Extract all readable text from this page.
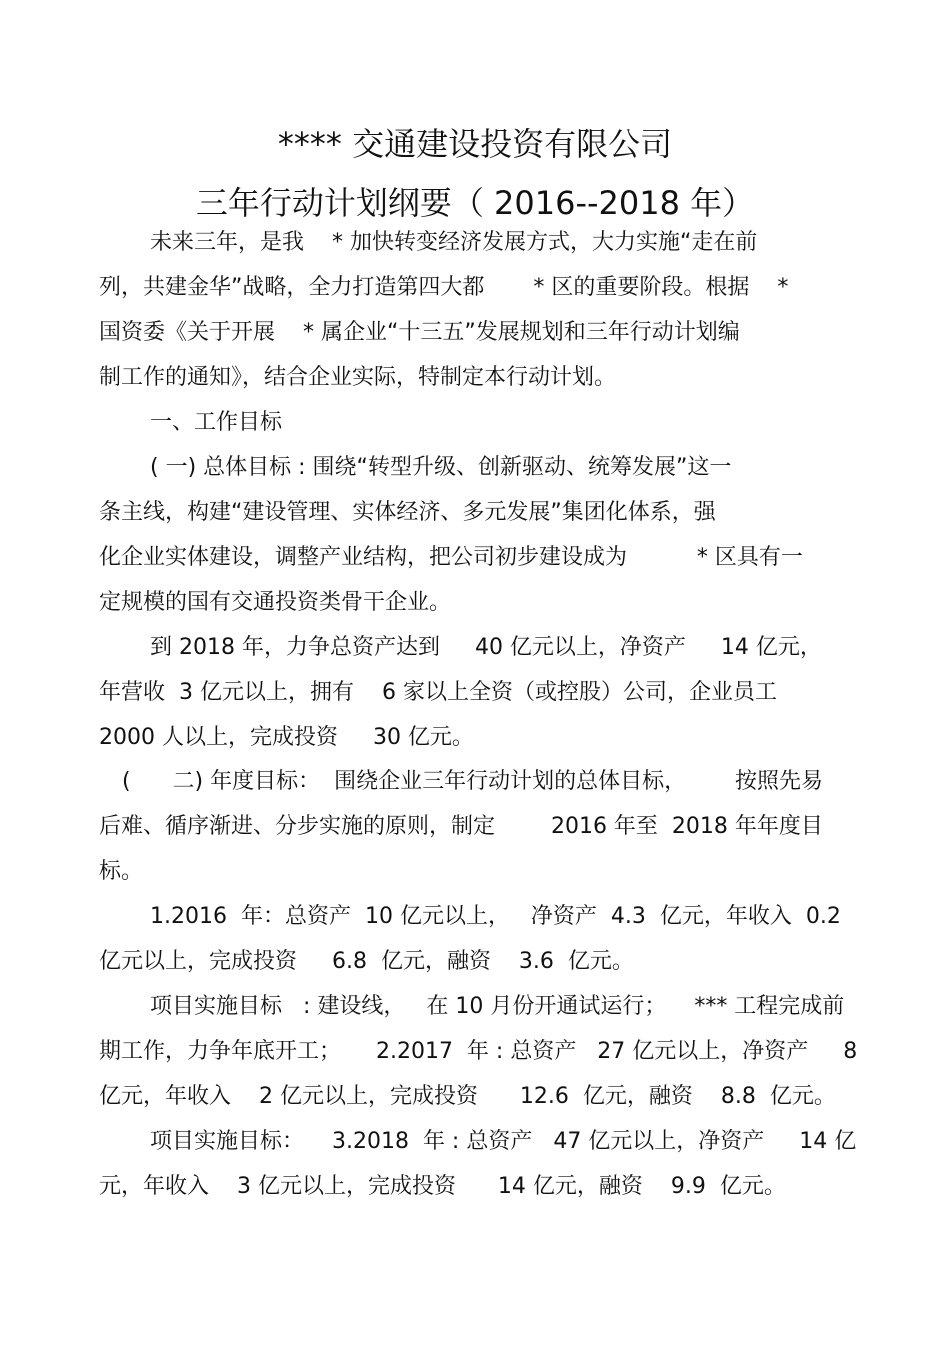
**** 交通建设投资有限公司
三年行动计划纲要（ 2016--2018 年）
未来三年，是我    * 加快转变经济发展方式，大力实施“走在前
列，共建金华”战略，全力打造第四大都       * 区的重要阶段。根据    *
国资委《关于开展    * 属企业“十三五”发展规划和三年行动计划编
制工作的通知》，结合企业实际，特制定本行动计划。
一、工作目标
( 一) 总体目标 : 围绕“转型升级、创新驱动、统筹发展”这一
条主线，构建“建设管理、实体经济、多元发展”集团化体系，强
化企业实体建设，调整产业结构，把公司初步建设成为          * 区具有一
定规模的国有交通投资类骨干企业。
到 2018 年，力争总资产达到     40 亿元以上，净资产     14 亿元，
年营收  3 亿元以上，拥有    6 家以上全资（或控股）公司，企业员工
2000 人以上，完成投资     30 亿元。
(      二) 年度目标：  围绕企业三年行动计划的总体目标，       按照先易
后难、循序渐进、分步实施的原则，制定        2016 年至  2018 年年度目
标。
1.2016  年：总资产  10 亿元以上，   净资产  4.3  亿元，年收入  0.2
亿元以上，完成投资     6.8  亿元，融资    3.6  亿元。
项目实施目标   : 建设线，   在 10 月份开通试运行；    *** 工程完成前
期工作，力争年底开工；     2.2017  年 : 总资产   27 亿元以上，净资产     8
亿元，年收入    2 亿元以上，完成投资      12.6  亿元，融资    8.8  亿元。
项目实施目标：    3.2018  年 : 总资产   47 亿元以上，净资产     14 亿
元，年收入    3 亿元以上，完成投资      14 亿元，融资    9.9  亿元。
